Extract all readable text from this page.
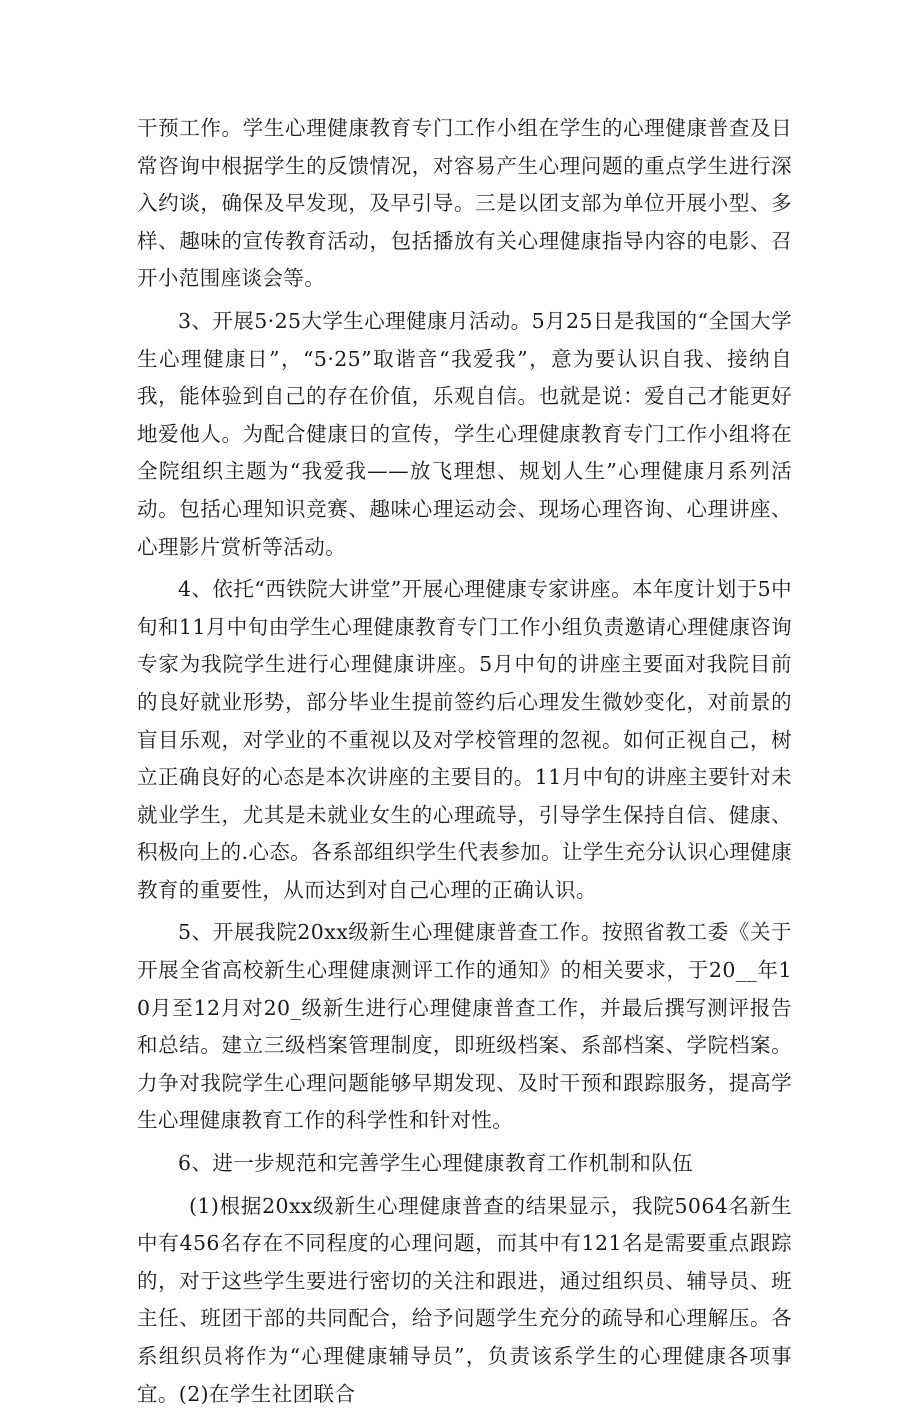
干预工作。学生心理健康教育专门工作小组在学生的心理健康普查及日常咨询中根据学生的反馈情况，对容易产生心理问题的重点学生进行深入约谈，确保及早发现，及早引导。三是以团支部为单位开展小型、多样、趣味的宣传教育活动，包括播放有关心理健康指导内容的电影、召开小范围座谈会等。

3、开展5·25大学生心理健康月活动。5月25日是我国的“全国大学生心理健康日”，“5·25”取谐音“我爱我”，意为要认识自我、接纳自我，能体验到自己的存在价值，乐观自信。也就是说：爱自己才能更好地爱他人。为配合健康日的宣传，学生心理健康教育专门工作小组将在全院组织主题为“我爱我——放飞理想、规划人生”心理健康月系列活动。包括心理知识竞赛、趣味心理运动会、现场心理咨询、心理讲座、心理影片赏析等活动。

4、依托“西铁院大讲堂”开展心理健康专家讲座。本年度计划于5中旬和11月中旬由学生心理健康教育专门工作小组负责邀请心理健康咨询专家为我院学生进行心理健康讲座。5月中旬的讲座主要面对我院目前的良好就业形势，部分毕业生提前签约后心理发生微妙变化，对前景的盲目乐观，对学业的不重视以及对学校管理的忽视。如何正视自己，树立正确良好的心态是本次讲座的主要目的。11月中旬的讲座主要针对未就业学生，尤其是未就业女生的心理疏导，引导学生保持自信、健康、积极向上的.心态。各系部组织学生代表参加。让学生充分认识心理健康教育的重要性，从而达到对自己心理的正确认识。

5、开展我院20xx级新生心理健康普查工作。按照省教工委《关于开展全省高校新生心理健康测评工作的通知》的相关要求，于20__年10月至12月对20_级新生进行心理健康普查工作，并最后撰写测评报告和总结。建立三级档案管理制度，即班级档案、系部档案、学院档案。力争对我院学生心理问题能够早期发现、及时干预和跟踪服务，提高学生心理健康教育工作的科学性和针对性。

6、进一步规范和完善学生心理健康教育工作机制和队伍

(1)根据20xx级新生心理健康普查的结果显示，我院5064名新生中有456名存在不同程度的心理问题，而其中有121名是需要重点跟踪的，对于这些学生要进行密切的关注和跟进，通过组织员、辅导员、班主任、班团干部的共同配合，给予问题学生充分的疏导和心理解压。各系组织员将作为“心理健康辅导员”，负责该系学生的心理健康各项事宜。(2)在学生社团联合
